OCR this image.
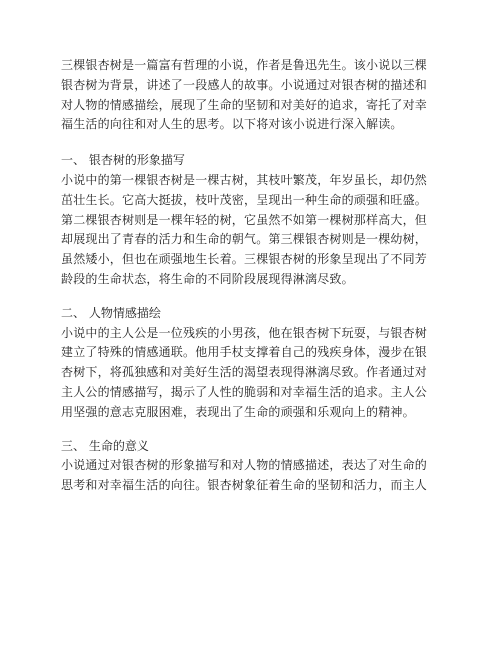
三棵银杏树是一篇富有哲理的小说，作者是鲁迅先生。该小说以三棵
银杏树为背景，讲述了一段感人的故事。小说通过对银杏树的描述和
对人物的情感描绘，展现了生命的坚韧和对美好的追求，寄托了对幸
福生活的向往和对人生的思考。以下将对该小说进行深入解读。

一、 银杏树的形象描写

小说中的第一棵银杏树是一棵古树，其枝叶繁茂，年岁虽长，却仍然
茁壮生长。它高大挺拔，枝叶茂密，呈现出一种生命的顽强和旺盛。
第二棵银杏树则是一棵年轻的树，它虽然不如第一棵树那样高大，但
却展现出了青春的活力和生命的朝气。第三棵银杏树则是一棵幼树，
虽然矮小，但也在顽强地生长着。三棵银杏树的形象呈现出了不同芳
龄段的生命状态，将生命的不同阶段展现得淋漓尽致。

二、 人物情感描绘

小说中的主人公是一位残疾的小男孩，他在银杏树下玩耍，与银杏树
建立了特殊的情感通联。他用手杖支撑着自己的残疾身体，漫步在银
杏树下，将孤独感和对美好生活的渴望表现得淋漓尽致。作者通过对
主人公的情感描写，揭示了人性的脆弱和对幸福生活的追求。主人公
用坚强的意志克服困难，表现出了生命的顽强和乐观向上的精神。

三、 生命的意义

小说通过对银杏树的形象描写和对人物的情感描述，表达了对生命的
思考和对幸福生活的向往。银杏树象征着生命的坚韧和活力，而主人
